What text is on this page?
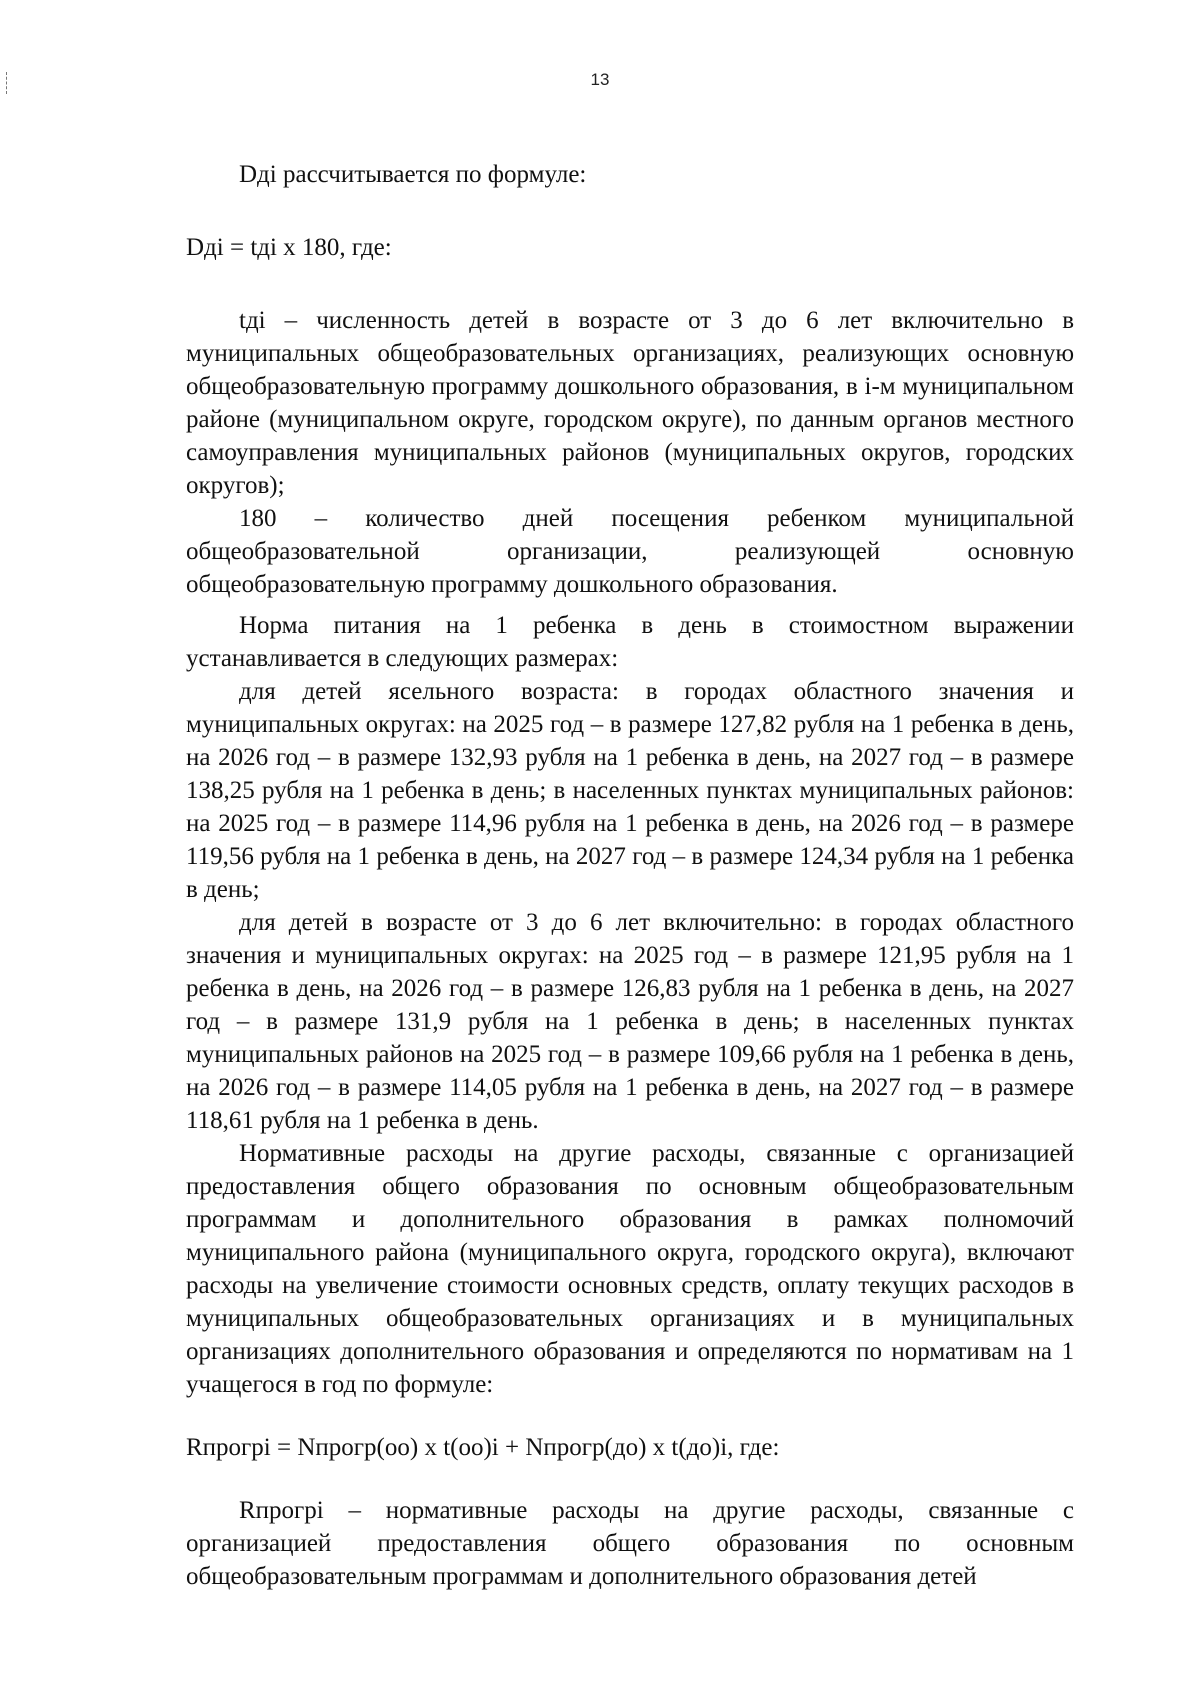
13

Dдi рассчитывается по формуле:

Dдi = tдi x 180, где:

tдi – численность детей в возрасте от 3 до 6 лет включительно в муниципальных общеобразовательных организациях, реализующих основную общеобразовательную программу дошкольного образования, в i-м муниципальном районе (муниципальном округе, городском округе), по данным органов местного самоуправления муниципальных районов (муниципальных округов, городских округов);

180 – количество дней посещения ребенком муниципальной общеобразовательной организации, реализующей основную общеобразовательную программу дошкольного образования.

Норма питания на 1 ребенка в день в стоимостном выражении устанавливается в следующих размерах:

для детей ясельного возраста: в городах областного значения и муниципальных округах: на 2025 год – в размере 127,82 рубля на 1 ребенка в день, на 2026 год – в размере 132,93 рубля на 1 ребенка в день, на 2027 год – в размере 138,25 рубля на 1 ребенка в день; в населенных пунктах муниципальных районов: на 2025 год – в размере 114,96 рубля на 1 ребенка в день, на 2026 год – в размере 119,56 рубля на 1 ребенка в день, на 2027 год – в размере 124,34 рубля на 1 ребенка в день;

для детей в возрасте от 3 до 6 лет включительно: в городах областного значения и муниципальных округах: на 2025 год – в размере 121,95 рубля на 1 ребенка в день, на 2026 год – в размере 126,83 рубля на 1 ребенка в день, на 2027 год – в размере 131,9 рубля на 1 ребенка в день; в населенных пунктах муниципальных районов на 2025 год – в размере 109,66 рубля на 1 ребенка в день, на 2026 год – в размере 114,05 рубля на 1 ребенка в день, на 2027 год – в размере 118,61 рубля на 1 ребенка в день.

Нормативные расходы на другие расходы, связанные с организацией предоставления общего образования по основным общеобразовательным программам и дополнительного образования в рамках полномочий муниципального района (муниципального округа, городского округа), включают расходы на увеличение стоимости основных средств, оплату текущих расходов в муниципальных общеобразовательных организациях и в муниципальных организациях дополнительного образования и определяются по нормативам на 1 учащегося в год по формуле:

Rпрогрi = Nпрогр(оо) x t(оо)i + Nпрогр(до) x t(до)i, где:

Rпрогрi – нормативные расходы на другие расходы, связанные с организацией предоставления общего образования по основным общеобразовательным программам и дополнительного образования детей
